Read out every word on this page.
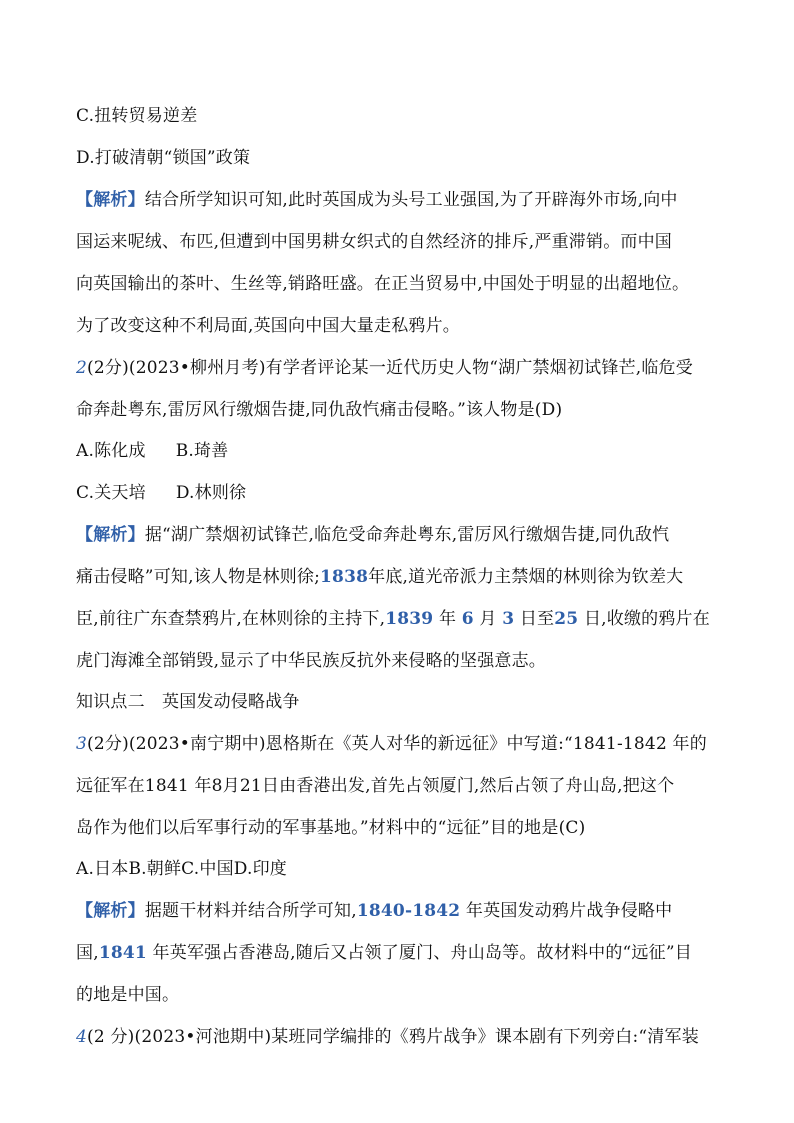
C.扭转贸易逆差
D.打破清朝“锁国”政策
【解析】结合所学知识可知,此时英国成为头号工业强国,为了开辟海外市场,向中
国运来呢绒、布匹,但遭到中国男耕女织式的自然经济的排斥,严重滞销。而中国
向英国输出的茶叶、生丝等,销路旺盛。在正当贸易中,中国处于明显的出超地位。
为了改变这种不利局面,英国向中国大量走私鸦片。
2(2分)(2023•柳州月考)有学者评论某一近代历史人物“湖广禁烟初试锋芒,临危受
命奔赴粤东,雷厉风行缴烟告捷,同仇敌忾痛击侵略。”该人物是(D)
A.陈化成 B.琦善
C.关天培 D.林则徐
【解析】据“湖广禁烟初试锋芒,临危受命奔赴粤东,雷厉风行缴烟告捷,同仇敌忾
痛击侵略”可知,该人物是林则徐;1838年底,道光帝派力主禁烟的林则徐为钦差大
臣,前往广东查禁鸦片,在林则徐的主持下,1839 年 6 月 3 日至25 日,收缴的鸦片在
虎门海滩全部销毁,显示了中华民族反抗外来侵略的坚强意志。
知识点二　英国发动侵略战争
3(2分)(2023•南宁期中)恩格斯在《英人对华的新远征》中写道:“1841-1842 年的
远征军在1841 年8月21日由香港出发,首先占领厦门,然后占领了舟山岛,把这个
岛作为他们以后军事行动的军事基地。”材料中的“远征”目的地是(C)
A.日本B.朝鲜C.中国D.印度
【解析】据题干材料并结合所学可知,1840-1842 年英国发动鸦片战争侵略中
国,1841 年英军强占香港岛,随后又占领了厦门、舟山岛等。故材料中的“远征”目
的地是中国。
4(2 分)(2023•河池期中)某班同学编排的《鸦片战争》课本剧有下列旁白:“清军装
